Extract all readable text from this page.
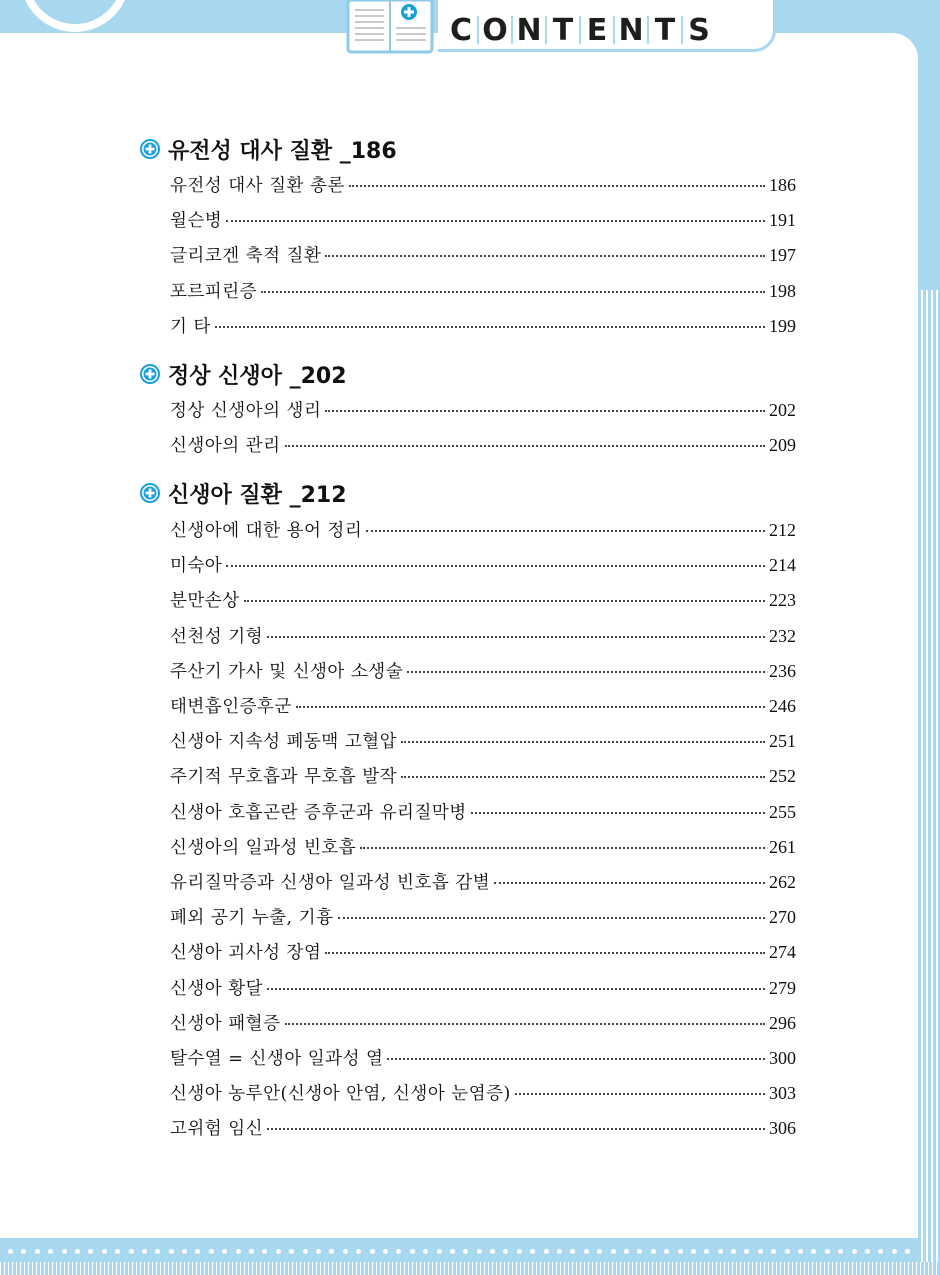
C O N T E N T S
유전성 대사 질환 _186
유전성 대사 질환 총론	186
윌슨병	191
글리코겐 축적 질환	197
포르피린증	198
기 타	199
정상 신생아 _202
정상 신생아의 생리	202
신생아의 관리	209
신생아 질환 _212
신생아에 대한 용어 정리	212
미숙아	214
분만손상	223
선천성 기형	232
주산기 가사 및 신생아 소생술	236
태변흡인증후군	246
신생아 지속성 폐동맥 고혈압	251
주기적 무호흡과 무호흡 발작	252
신생아 호흡곤란 증후군과 유리질막병	255
신생아의 일과성 빈호흡	261
유리질막증과 신생아 일과성 빈호흡 감별	262
폐외 공기 누출, 기흉	270
신생아 괴사성 장염	274
신생아 황달	279
신생아 패혈증	296
탈수열 = 신생아 일과성 열	300
신생아 농루안(신생아 안염, 신생아 눈염증)	303
고위험 임신	306
